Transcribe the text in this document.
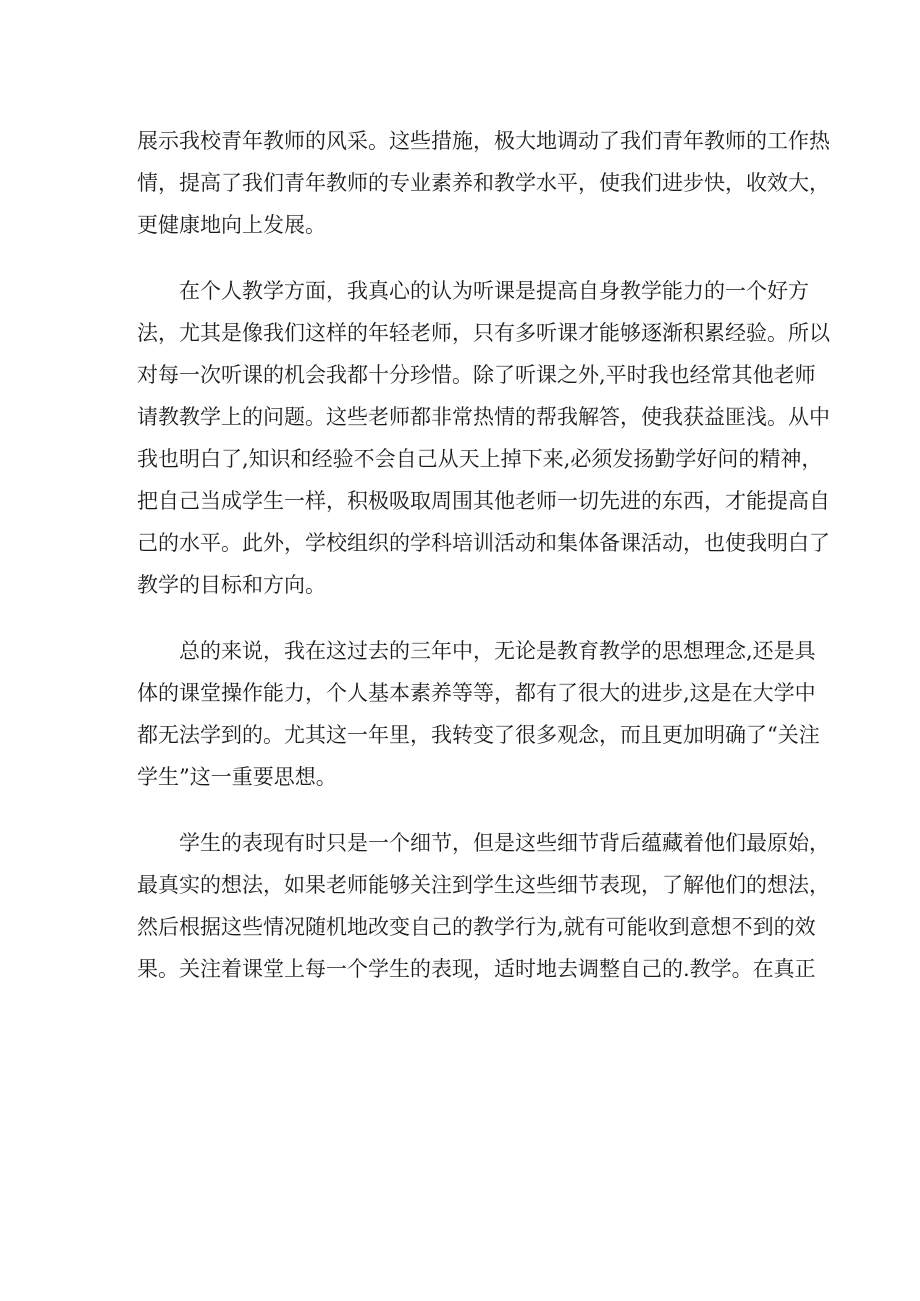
展示我校青年教师的风采。这些措施，极大地调动了我们青年教师的工作热
情，提高了我们青年教师的专业素养和教学水平，使我们进步快，收效大，
更健康地向上发展。
　　在个人教学方面，我真心的认为听课是提高自身教学能力的一个好方
法，尤其是像我们这样的年轻老师，只有多听课才能够逐渐积累经验。所以
对每一次听课的机会我都十分珍惜。除了听课之外,平时我也经常其他老师
请教教学上的问题。这些老师都非常热情的帮我解答，使我获益匪浅。从中
我也明白了,知识和经验不会自己从天上掉下来,必须发扬勤学好问的精神，
把自己当成学生一样，积极吸取周围其他老师一切先进的东西，才能提高自
己的水平。此外，学校组织的学科培训活动和集体备课活动，也使我明白了
教学的目标和方向。
　　总的来说，我在这过去的三年中，无论是教育教学的思想理念,还是具
体的课堂操作能力，个人基本素养等等，都有了很大的进步,这是在大学中
都无法学到的。尤其这一年里，我转变了很多观念，而且更加明确了“关注
学生”这一重要思想。
　　学生的表现有时只是一个细节，但是这些细节背后蕴藏着他们最原始，
最真实的想法，如果老师能够关注到学生这些细节表现，了解他们的想法，
然后根据这些情况随机地改变自己的教学行为,就有可能收到意想不到的效
果。关注着课堂上每一个学生的表现，适时地去调整自己的.教学。在真正
